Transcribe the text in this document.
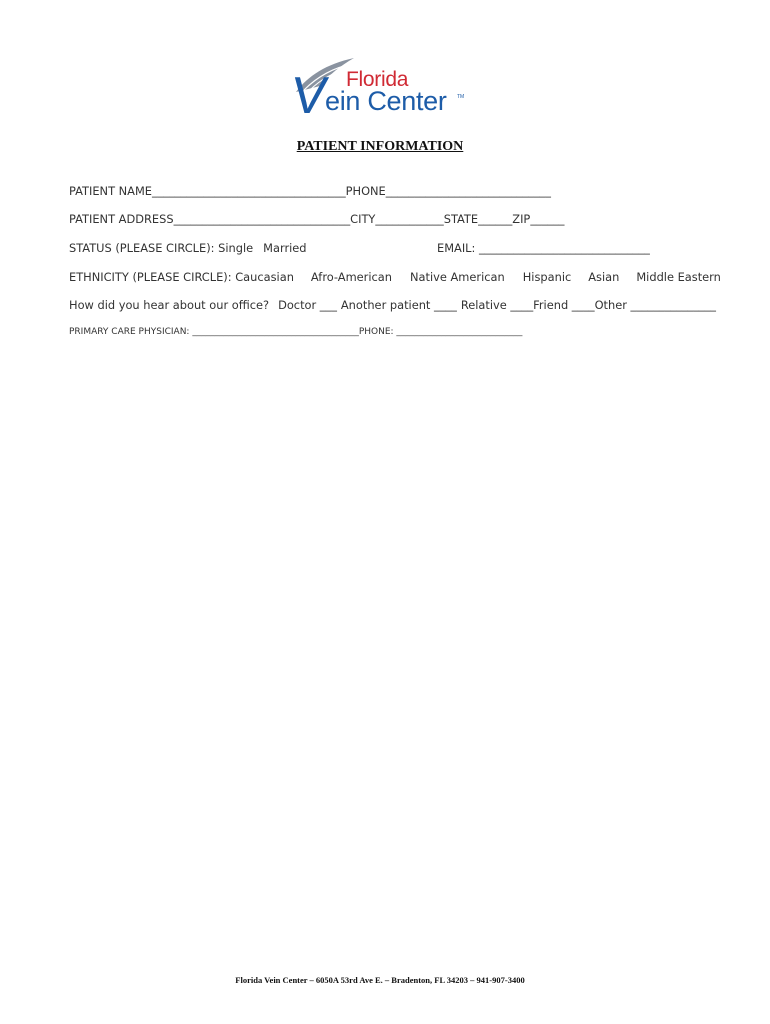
Florida
V
ein Center TM
PATIENT INFORMATION
PATIENT NAME__________________________________PHONE_____________________________
PATIENT ADDRESS_______________________________CITY____________STATE______ZIP______
STATUS (PLEASE CIRCLE): Single Married	EMAIL: ______________________________
ETHNICITY (PLEASE CIRCLE): Caucasian Afro-American Native American Hispanic Asian Middle Eastern
How did you hear about our office? Doctor ___ Another patient ____ Relative ____Friend ____Other _______________
PRIMARY CARE PHYSICIAN: _____________________________________PHONE: ____________________________
Florida Vein Center – 6050A 53rd Ave E. – Bradenton, FL 34203 – 941-907-3400
